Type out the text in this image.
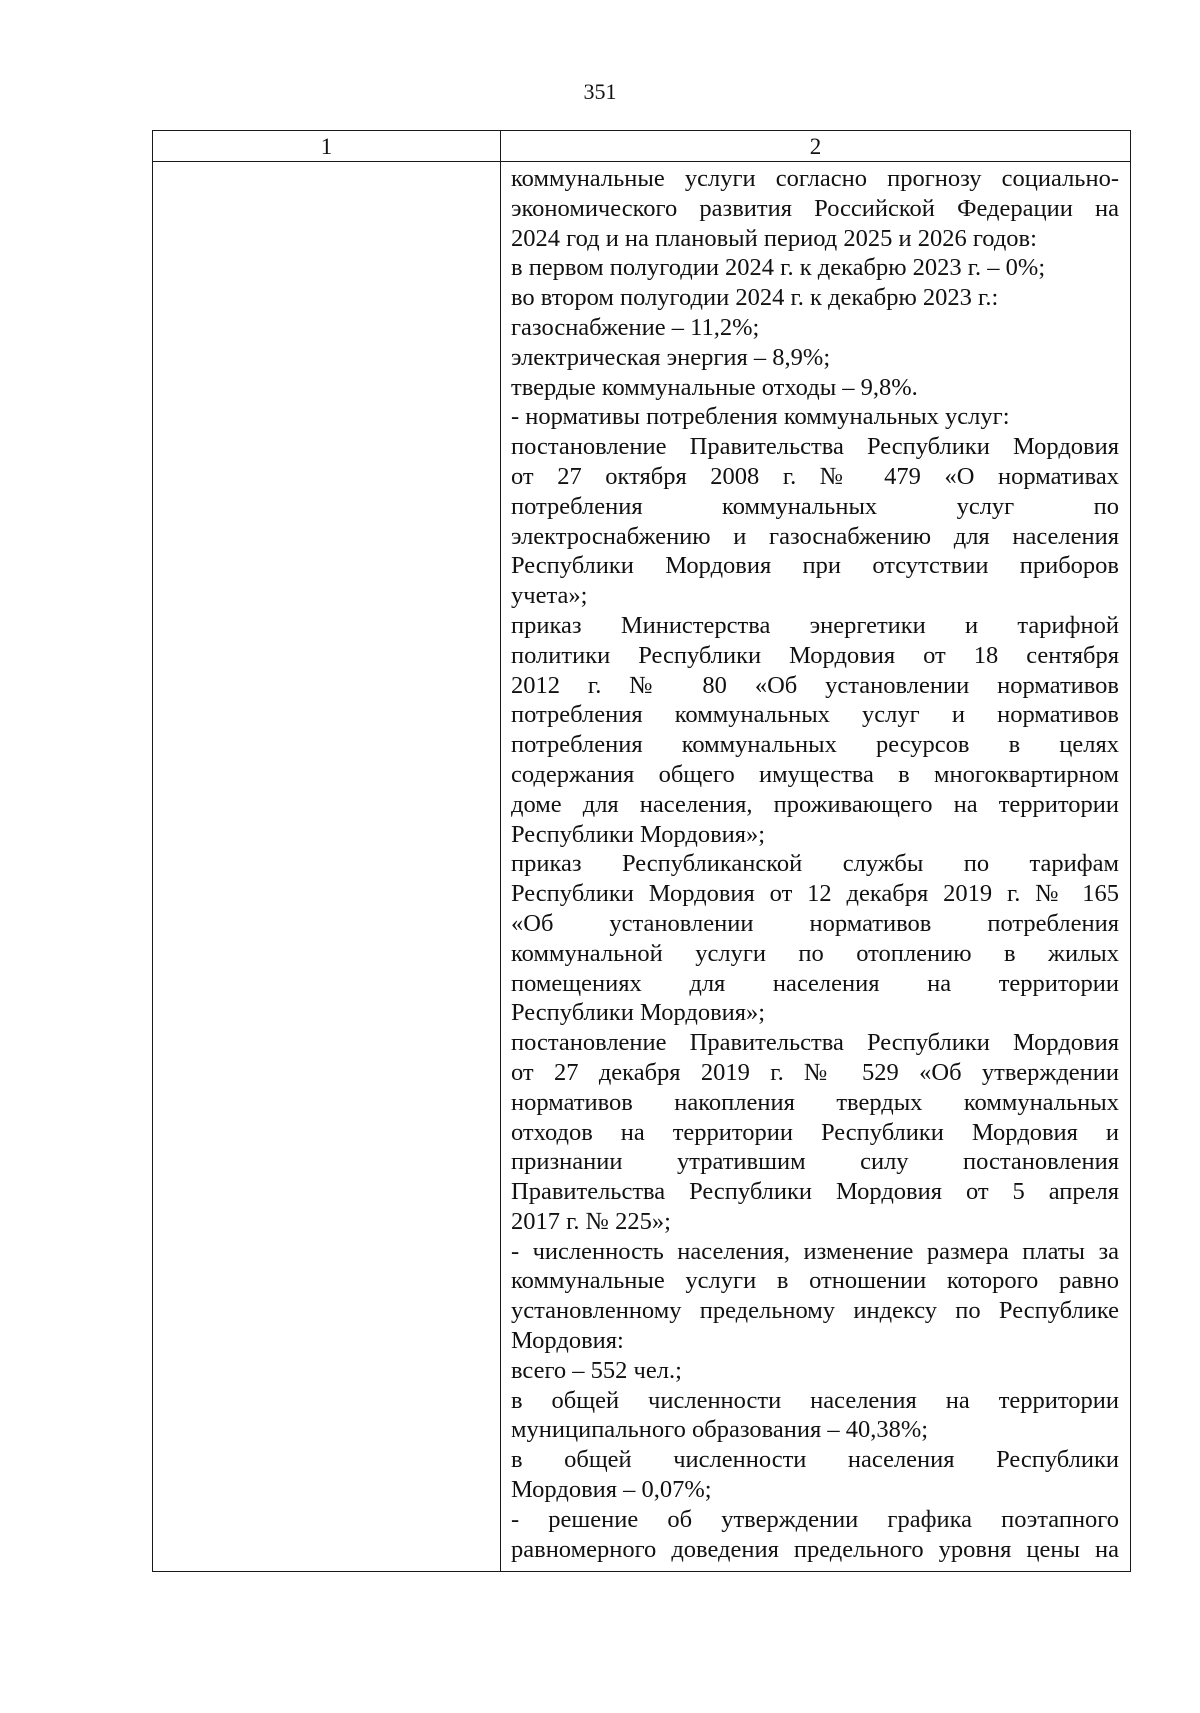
351
1	2
коммунальные услуги согласно прогнозу социально-
экономического развития Российской Федерации на
2024 год и на плановый период 2025 и 2026 годов:
в первом полугодии 2024 г. к декабрю 2023 г. – 0%;
во втором полугодии 2024 г. к декабрю 2023 г.:
газоснабжение – 11,2%;
электрическая энергия – 8,9%;
твердые коммунальные отходы – 9,8%.
- нормативы потребления коммунальных услуг:
постановление Правительства Республики Мордовия
от 27 октября 2008 г. № 479 «О нормативах
потребления коммунальных услуг по
электроснабжению и газоснабжению для населения
Республики Мордовия при отсутствии приборов
учета»;
приказ Министерства энергетики и тарифной
политики Республики Мордовия от 18 сентября
2012 г. № 80 «Об установлении нормативов
потребления коммунальных услуг и нормативов
потребления коммунальных ресурсов в целях
содержания общего имущества в многоквартирном
доме для населения, проживающего на территории
Республики Мордовия»;
приказ Республиканской службы по тарифам
Республики Мордовия от 12 декабря 2019 г. № 165
«Об установлении нормативов потребления
коммунальной услуги по отоплению в жилых
помещениях для населения на территории
Республики Мордовия»;
постановление Правительства Республики Мордовия
от 27 декабря 2019 г. № 529 «Об утверждении
нормативов накопления твердых коммунальных
отходов на территории Республики Мордовия и
признании утратившим силу постановления
Правительства Республики Мордовия от 5 апреля
2017 г. № 225»;
- численность населения, изменение размера платы за
коммунальные услуги в отношении которого равно
установленному предельному индексу по Республике
Мордовия:
всего – 552 чел.;
в общей численности населения на территории
муниципального образования – 40,38%;
в общей численности населения Республики
Мордовия – 0,07%;
- решение об утверждении графика поэтапного
равномерного доведения предельного уровня цены на
